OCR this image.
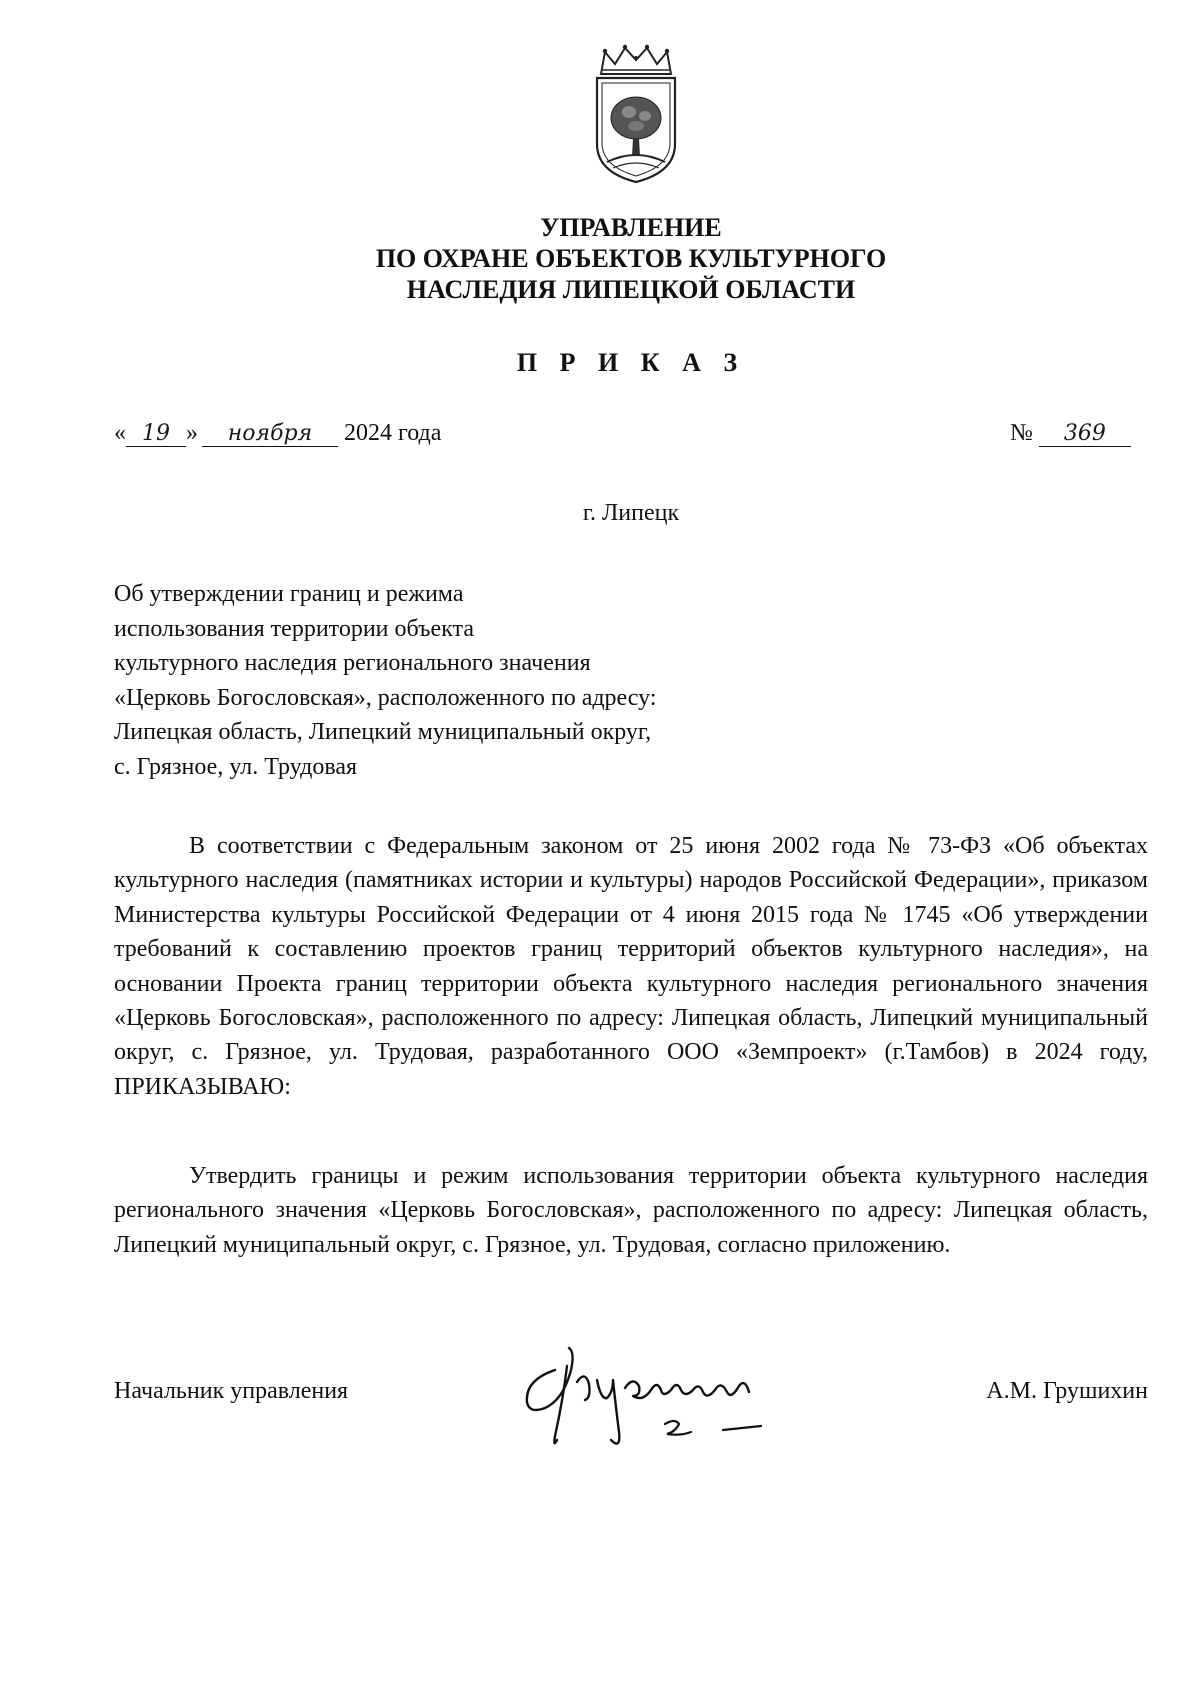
УПРАВЛЕНИЕ
ПО ОХРАНЕ ОБЪЕКТОВ КУЛЬТУРНОГО
НАСЛЕДИЯ ЛИПЕЦКОЙ ОБЛАСТИ
П Р И К А З
« 19 » ноября 2024 года	№ 369
г. Липецк
Об утверждении границ и режима
использования территории объекта
культурного наследия регионального значения
«Церковь Богословская», расположенного по адресу:
Липецкая область, Липецкий муниципальный округ,
с. Грязное, ул. Трудовая
В соответствии с Федеральным законом от 25 июня 2002 года № 73-ФЗ «Об объектах культурного наследия (памятниках истории и культуры) народов Российской Федерации», приказом Министерства культуры Российской Федерации от 4 июня 2015 года № 1745 «Об утверждении требований к составлению проектов границ территорий объектов культурного наследия», на основании Проекта границ территории объекта культурного наследия регионального значения «Церковь Богословская», расположенного по адресу: Липецкая область, Липецкий муниципальный округ, с. Грязное, ул. Трудовая, разработанного ООО «Земпроект» (г.Тамбов) в 2024 году, ПРИКАЗЫВАЮ:
Утвердить границы и режим использования территории объекта культурного наследия регионального значения «Церковь Богословская», расположенного по адресу: Липецкая область, Липецкий муниципальный округ, с. Грязное, ул. Трудовая, согласно приложению.
Начальник управления	А.М. Грушихин
